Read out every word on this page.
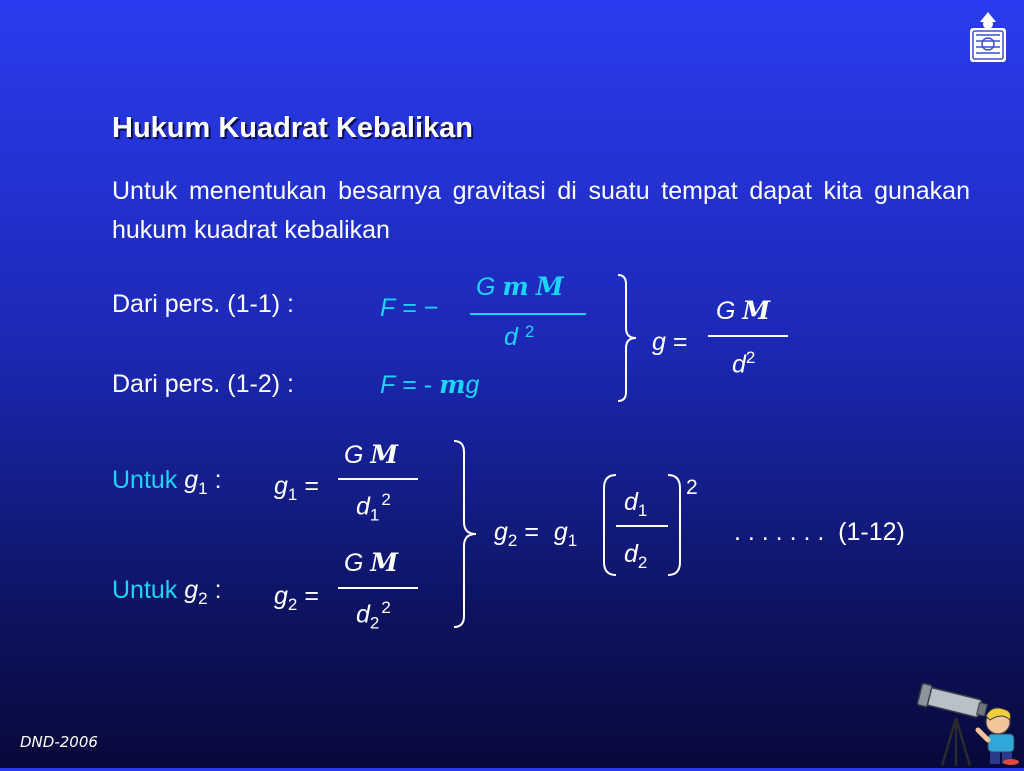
Hukum Kuadrat Kebalikan
Untuk menentukan besarnya gravitasi di suatu tempat dapat kita gunakan hukum kuadrat kebalikan
Dari pers. (1-1) :	F = −
G m M
d $^2$
Dari pers. (1-2) :	F = - mg
g =
G M
$d^2$
Untuk $g_1$ : $g_1$ =
G M
$d_1^2$
Untuk $g_2$ : $g_2$ =
G M
$d_2^2$
$g_2 = g_1$
$d_1$
$d_2$
2
. . . . . . .  (1-12)
DND-2006
